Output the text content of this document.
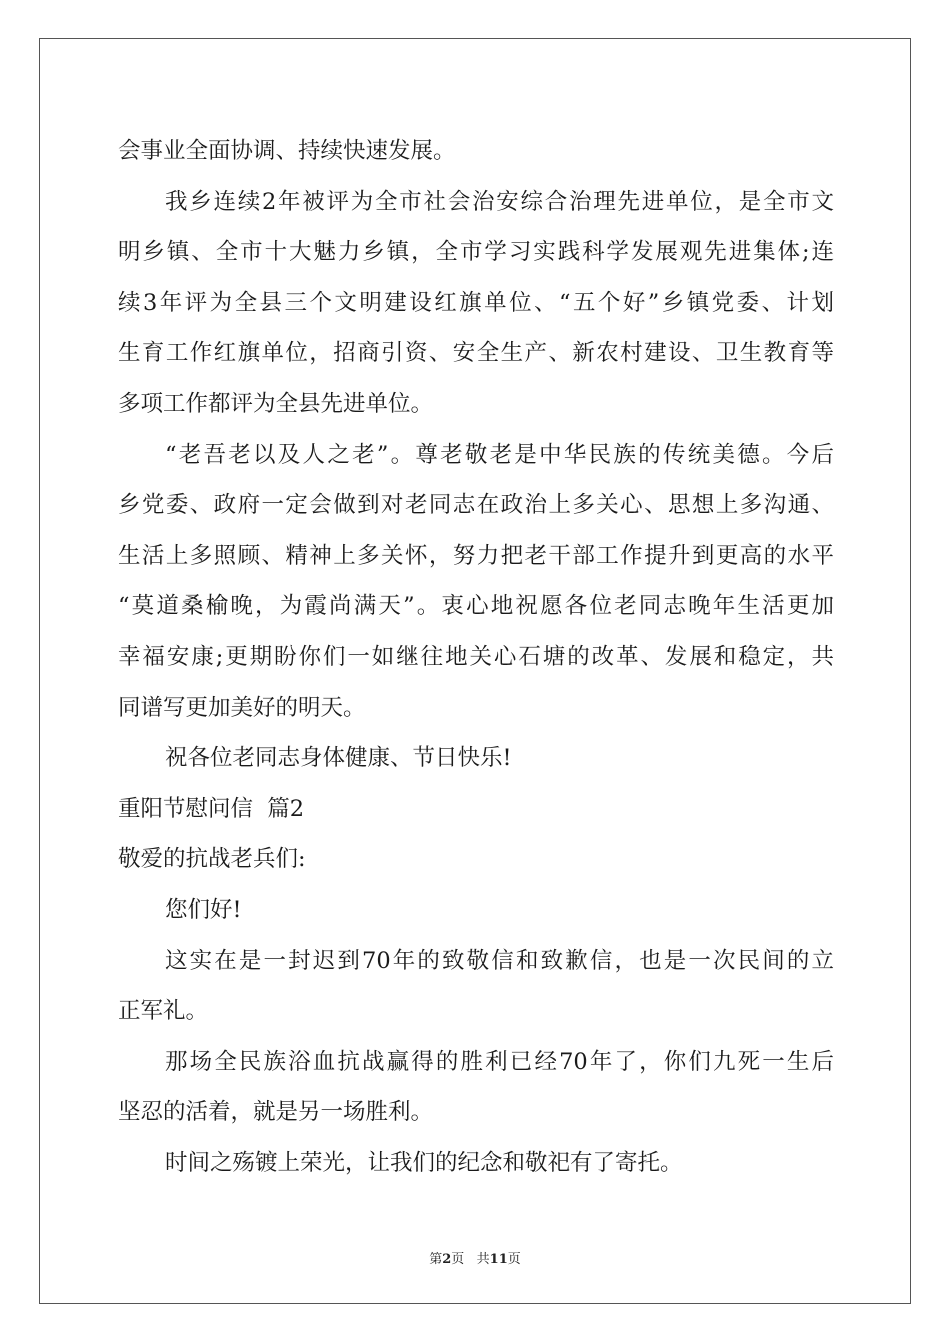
会事业全面协调、持续快速发展。
我乡连续2年被评为全市社会治安综合治理先进单位，是全市文
明乡镇、全市十大魅力乡镇，全市学习实践科学发展观先进集体;连
续3年评为全县三个文明建设红旗单位、“五个好”乡镇党委、计划
生育工作红旗单位，招商引资、安全生产、新农村建设、卫生教育等
多项工作都评为全县先进单位。
“老吾老以及人之老”。尊老敬老是中华民族的传统美德。今后
乡党委、政府一定会做到对老同志在政治上多关心、思想上多沟通、
生活上多照顾、精神上多关怀，努力把老干部工作提升到更高的水平
“莫道桑榆晚，为霞尚满天”。衷心地祝愿各位老同志晚年生活更加
幸福安康;更期盼你们一如继往地关心石塘的改革、发展和稳定，共
同谱写更加美好的明天。
祝各位老同志身体健康、节日快乐!
重阳节慰问信  篇2
敬爱的抗战老兵们:
您们好!
这实在是一封迟到70年的致敬信和致歉信，也是一次民间的立
正军礼。
那场全民族浴血抗战赢得的胜利已经70年了，你们九死一生后
坚忍的活着，就是另一场胜利。
时间之殇镀上荣光，让我们的纪念和敬祀有了寄托。
第2页   共11页
